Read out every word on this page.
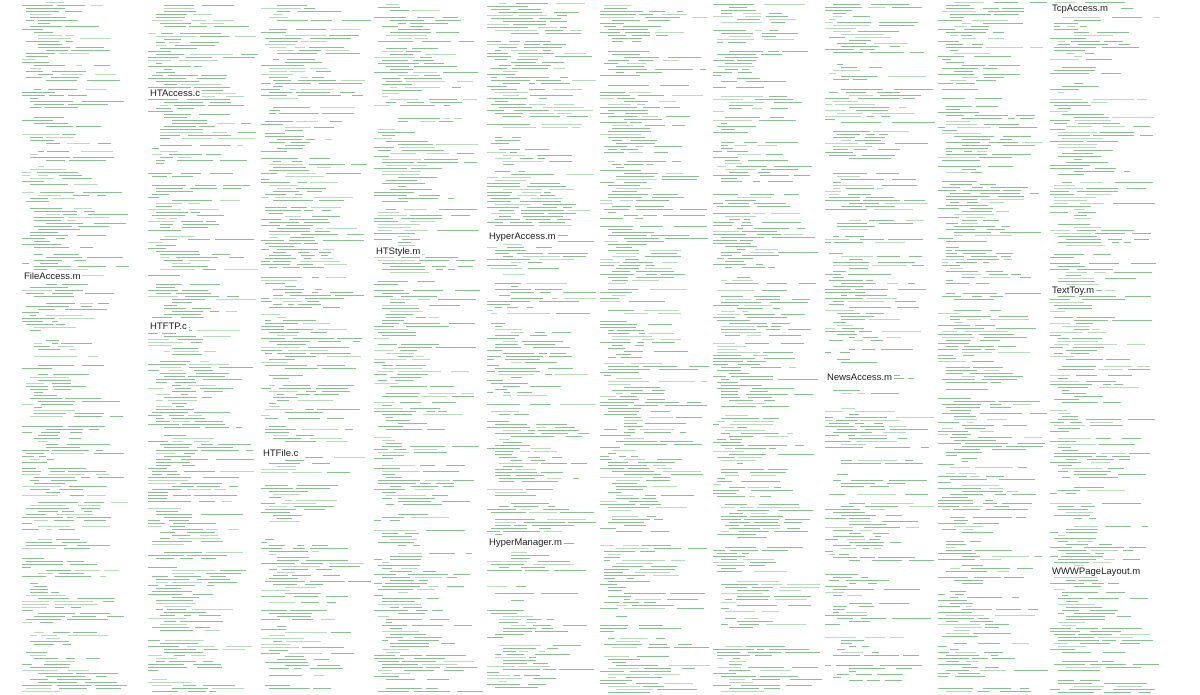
HTAccess.c
FileAccess.m
HTFTP.c
HTFile.c
HTStyle.m
HyperAccess.m
HyperManager.m
TcpAccess.m
TextToy.m
NewsAccess.m
WWWPageLayout.m
